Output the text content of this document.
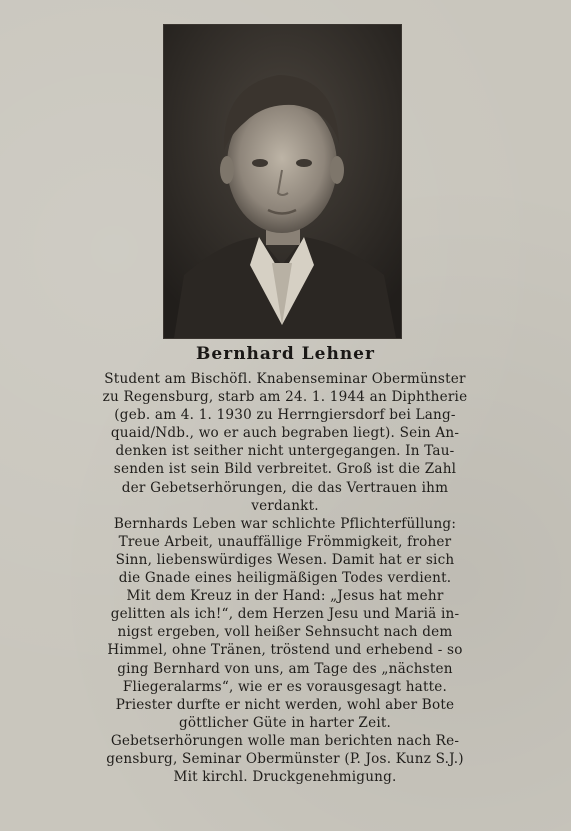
Bernhard Lehner
Student am Bischöfl. Knabenseminar Obermünster
zu Regensburg, starb am 24. 1. 1944 an Diphtherie
(geb. am 4. 1. 1930 zu Herrngiersdorf bei Lang-
quaid/Ndb., wo er auch begraben liegt). Sein An-
denken ist seither nicht untergegangen. In Tau-
senden ist sein Bild verbreitet. Groß ist die Zahl
der Gebetserhörungen, die das Vertrauen ihm
verdankt.
Bernhards Leben war schlichte Pflichterfüllung:
Treue Arbeit, unauffällige Frömmigkeit, froher
Sinn, liebenswürdiges Wesen. Damit hat er sich
die Gnade eines heiligmäßigen Todes verdient.
Mit dem Kreuz in der Hand: „Jesus hat mehr
gelitten als ich!“, dem Herzen Jesu und Mariä in-
nigst ergeben, voll heißer Sehnsucht nach dem
Himmel, ohne Tränen, tröstend und erhebend - so
ging Bernhard von uns, am Tage des „nächsten
Fliegeralarms“, wie er es vorausgesagt hatte.
Priester durfte er nicht werden, wohl aber Bote
göttlicher Güte in harter Zeit.
Gebetserhörungen wolle man berichten nach Re-
gensburg, Seminar Obermünster (P. Jos. Kunz S.J.)
Mit kirchl. Druckgenehmigung.
